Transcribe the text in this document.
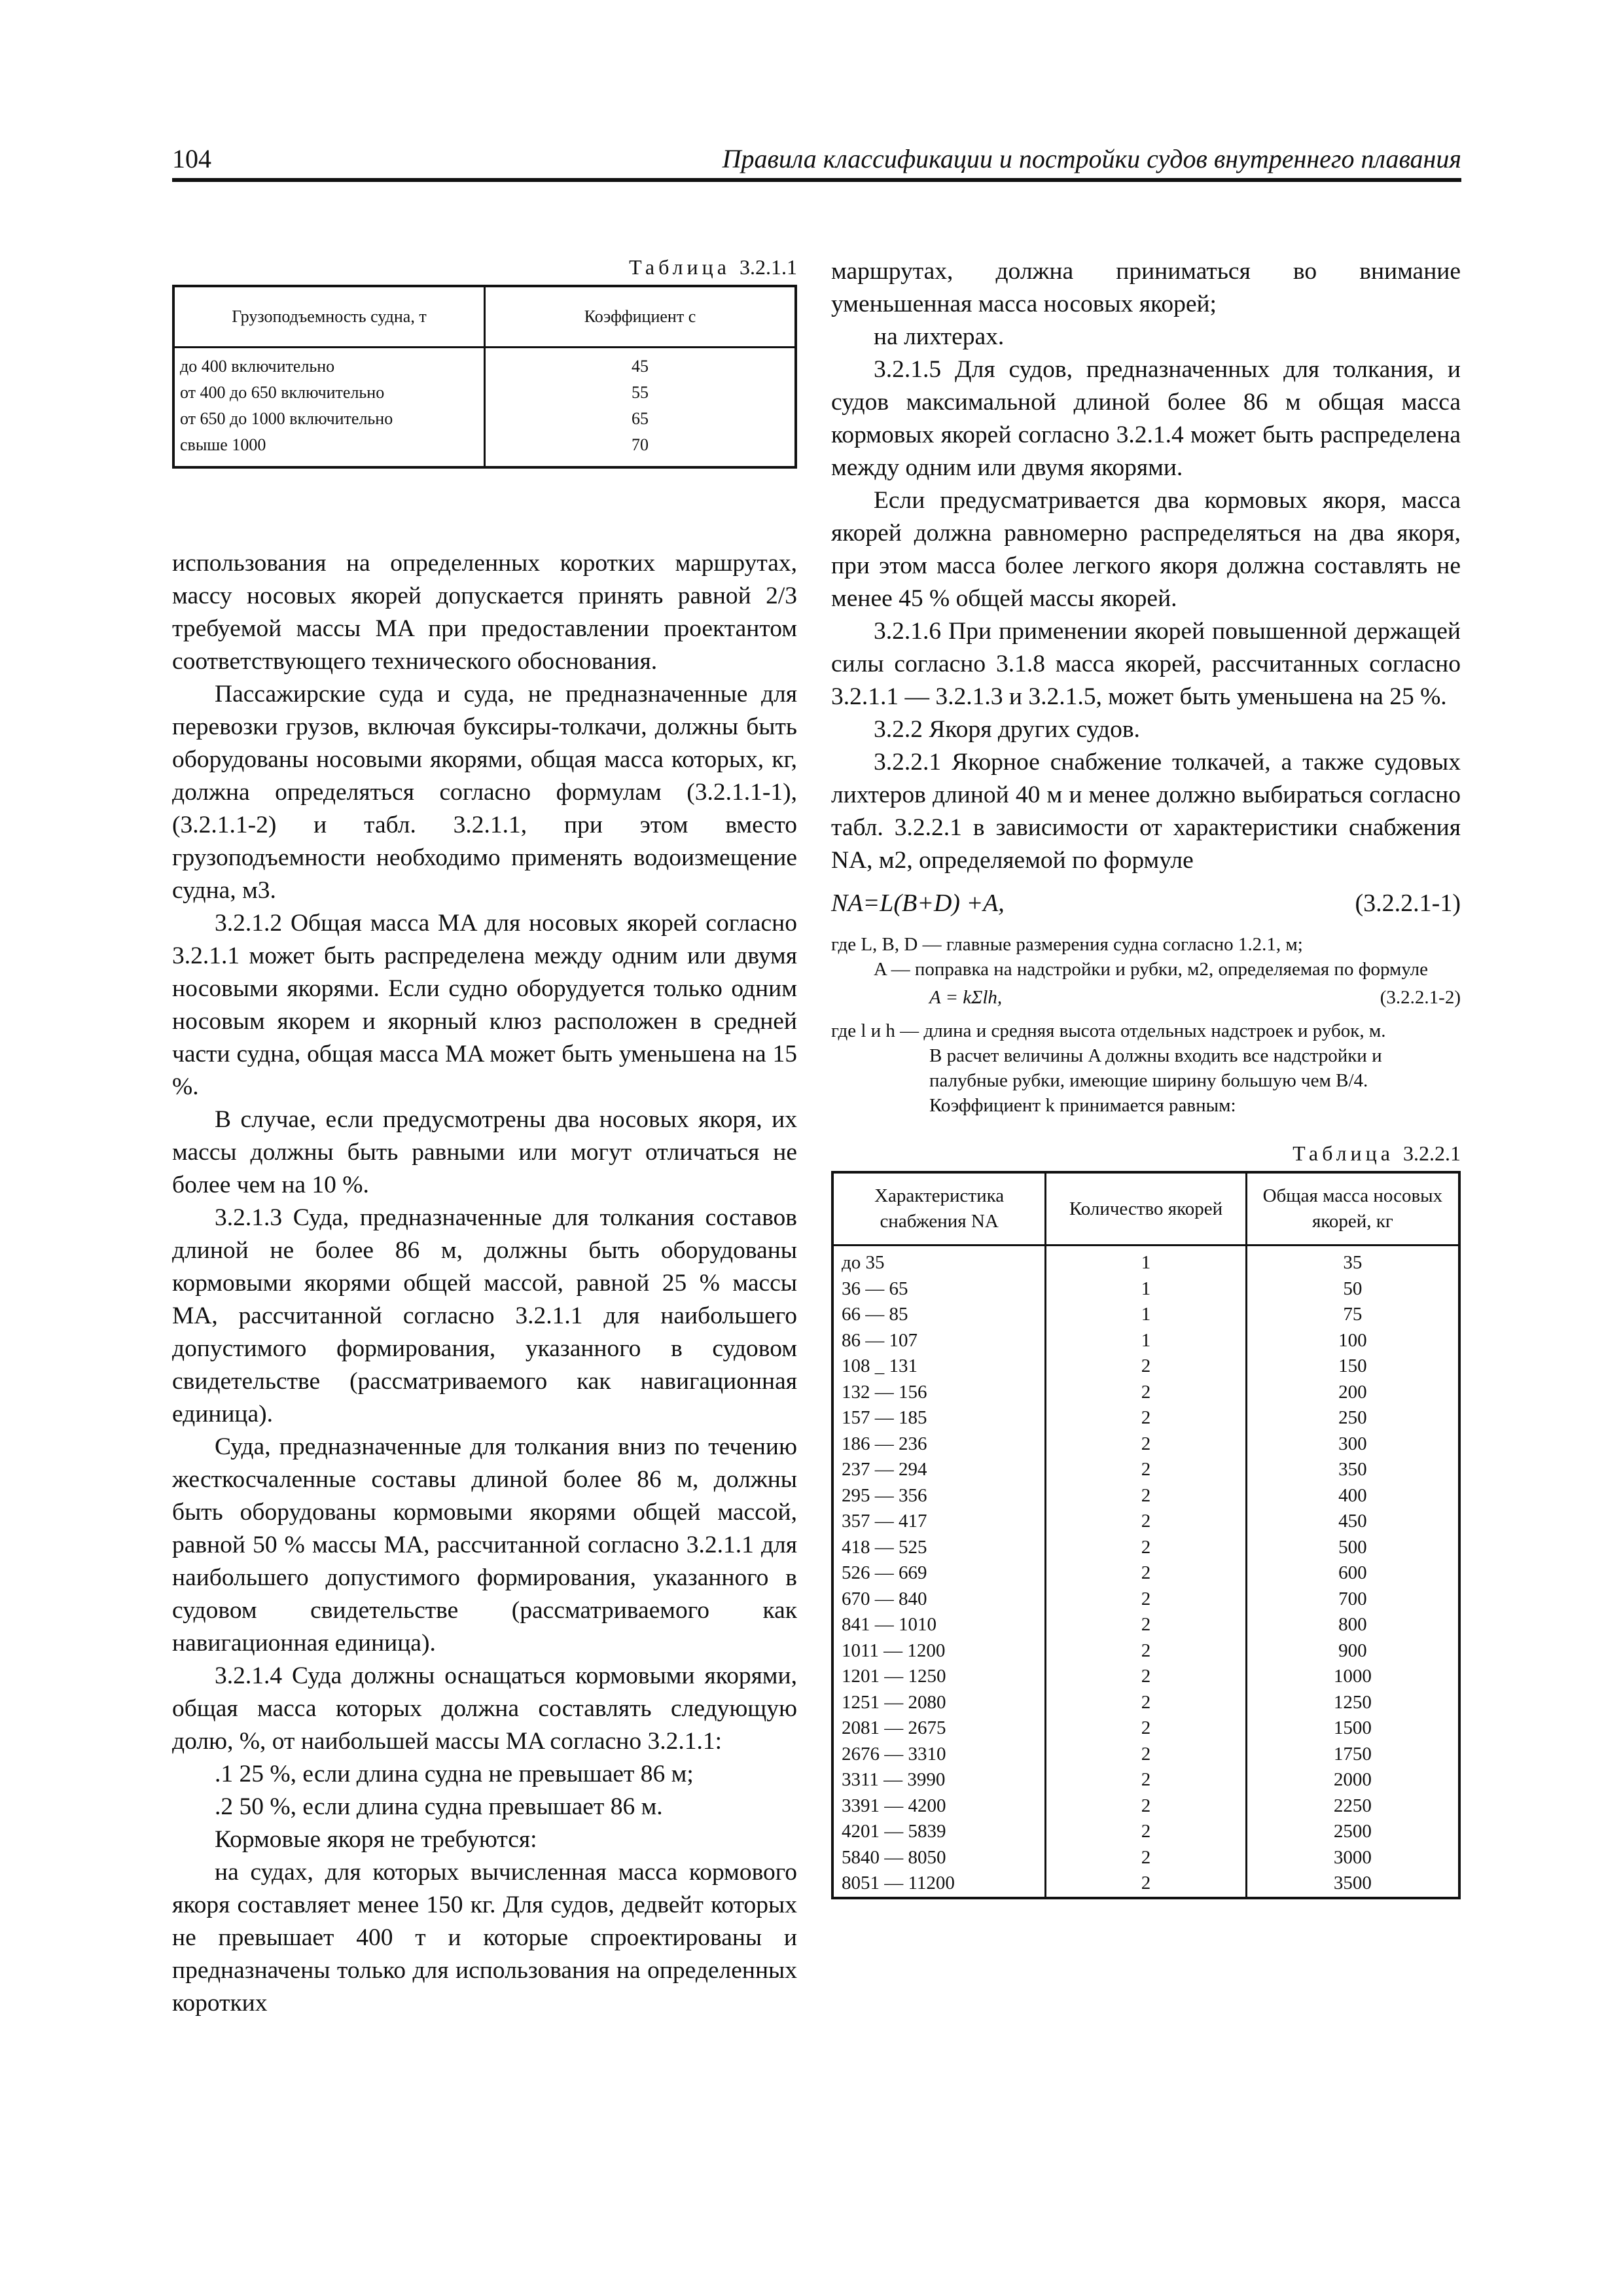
104	Правила классификации и постройки судов внутреннего плавания
Таблица 3.2.1.1
Грузоподъемность судна, т	Коэффициент c
до 400 включительно	45
от 400 до 650 включительно	55
от 650 до 1000 включительно	65
свыше 1000	70

использования на определенных коротких маршрутах, массу носовых якорей допускается принять равной 2/3 требуемой массы MA при предоставлении проектантом соответствующего технического обоснования.

Пассажирские суда и суда, не предназначенные для перевозки грузов, включая буксиры-толкачи, должны быть оборудованы носовыми якорями, общая масса которых, кг, должна определяться согласно формулам (3.2.1.1-1), (3.2.1.1-2) и табл. 3.2.1.1, при этом вместо грузоподъемности необходимо применять водоизмещение судна, м3.

3.2.1.2 Общая масса MA для носовых якорей согласно 3.2.1.1 может быть распределена между одним или двумя носовыми якорями. Если судно оборудуется только одним носовым якорем и якорный клюз расположен в средней части судна, общая масса MA может быть уменьшена на 15 %.

В случае, если предусмотрены два носовых якоря, их массы должны быть равными или могут отличаться не более чем на 10 %.

3.2.1.3 Суда, предназначенные для толкания составов длиной не более 86 м, должны быть оборудованы кормовыми якорями общей массой, равной 25 % массы MA, рассчитанной согласно 3.2.1.1 для наибольшего допустимого формирования, указанного в судовом свидетельстве (рассматриваемого как навигационная единица).

Суда, предназначенные для толкания вниз по течению жесткосчаленные составы длиной более 86 м, должны быть оборудованы кормовыми якорями общей массой, равной 50 % массы MA, рассчитанной согласно 3.2.1.1 для наибольшего допустимого формирования, указанного в судовом свидетельстве (рассматриваемого как навигационная единица).

3.2.1.4 Суда должны оснащаться кормовыми якорями, общая масса которых должна составлять следующую долю, %, от наибольшей массы MA согласно 3.2.1.1:

.1 25 %, если длина судна не превышает 86 м;

.2 50 %, если длина судна превышает 86 м.

Кормовые якоря не требуются:

на судах, для которых вычисленная масса кормового якоря составляет менее 150 кг. Для судов, дедвейт которых не превышает 400 т и которые спроектированы и предназначены только для использования на определенных коротких

маршрутах, должна приниматься во внимание уменьшенная масса носовых якорей;

на лихтерах.

3.2.1.5 Для судов, предназначенных для толкания, и судов максимальной длиной более 86 м общая масса кормовых якорей согласно 3.2.1.4 может быть распределена между одним или двумя якорями.

Если предусматривается два кормовых якоря, масса якорей должна равномерно распределяться на два якоря, при этом масса более легкого якоря должна составлять не менее 45 % общей массы якорей.

3.2.1.6 При применении якорей повышенной держащей силы согласно 3.1.8 масса якорей, рассчитанных согласно 3.2.1.1 — 3.2.1.3 и 3.2.1.5, может быть уменьшена на 25 %.

3.2.2 Якоря других судов.

3.2.2.1 Якорное снабжение толкачей, а также судовых лихтеров длиной 40 м и менее должно выбираться согласно табл. 3.2.2.1 в зависимости от характеристики снабжения NA, м2, определяемой по формуле

NA=L(B+D) +A,	(3.2.2.1-1)

где L, B, D — главные размерения судна согласно 1.2.1, м;

A — поправка на надстройки и рубки, м2, определяемая по формуле

A = kΣlh,	(3.2.2.1-2)

где l и h — длина и средняя высота отдельных надстроек и рубок, м.

В расчет величины A должны входить все надстройки и палубные рубки, имеющие ширину большую чем B/4.

Коэффициент k принимается равным:

Таблица 3.2.2.1
Характеристика снабжения NA	Количество якорей	Общая масса носовых якорей, кг
до 35	1	35
36 — 65	1	50
66 — 85	1	75
86 — 107	1	100
108 _ 131	2	150
132 — 156	2	200
157 — 185	2	250
186 — 236	2	300
237 — 294	2	350
295 — 356	2	400
357 — 417	2	450
418 — 525	2	500
526 — 669	2	600
670 — 840	2	700
841 — 1010	2	800
1011 — 1200	2	900
1201 — 1250	2	1000
1251 — 2080	2	1250
2081 — 2675	2	1500
2676 — 3310	2	1750
3311 — 3990	2	2000
3391 — 4200	2	2250
4201 — 5839	2	2500
5840 — 8050	2	3000
8051 — 11200	2	3500
